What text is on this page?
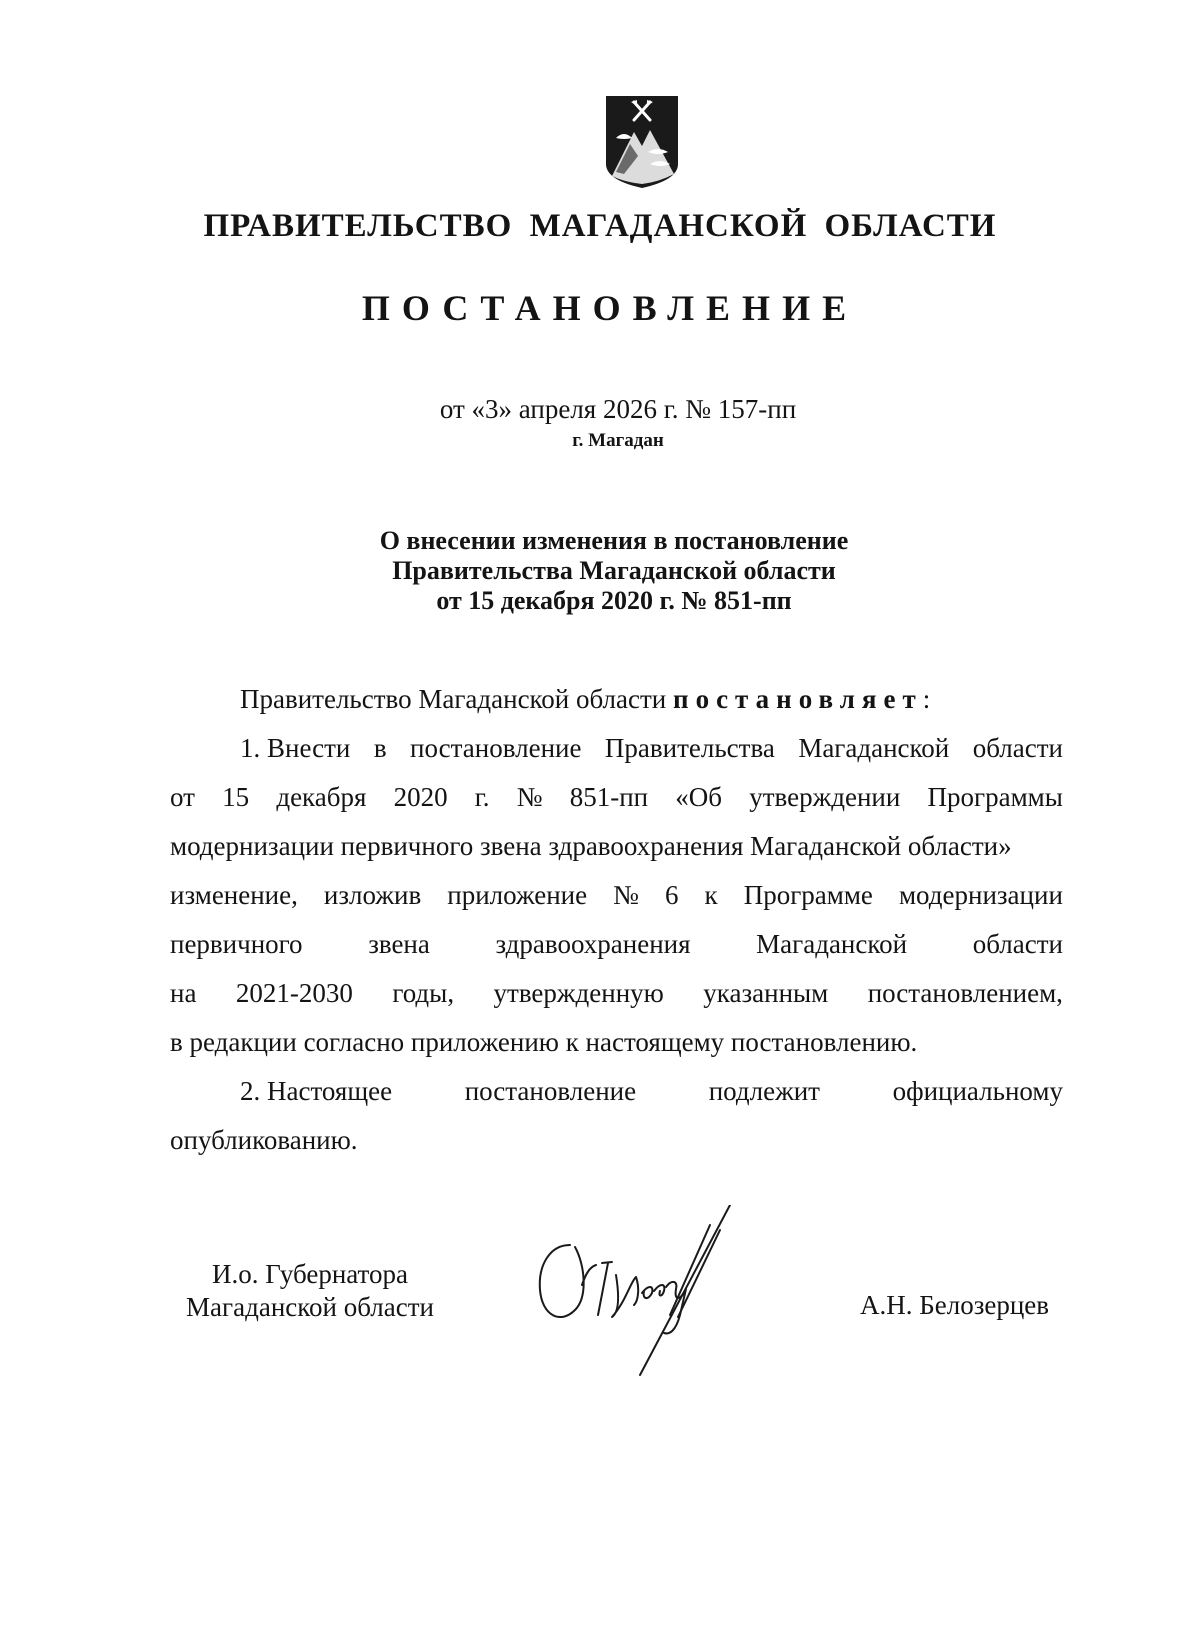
ПРАВИТЕЛЬСТВО МАГАДАНСКОЙ ОБЛАСТИ
ПОСТАНОВЛЕНИЕ
от «3» апреля 2026 г. № 157-пп
г. Магадан
О внесении изменения в постановление
Правительства Магаданской области
от 15 декабря 2020 г. № 851-пп

Правительство Магаданской области постановляет:

1. Внести в постановление Правительства Магаданской области
от 15 декабря 2020 г. № 851-пп «Об утверждении Программы
модернизации первичного звена здравоохранения Магаданской области»
изменение, изложив приложение № 6 к Программе модернизации
первичного звена здравоохранения Магаданской области
на 2021-2030 годы, утвержденную указанным постановлением,
в редакции согласно приложению к настоящему постановлению.
2. Настоящее	постановление	подлежит	официальному
опубликованию.
И.о. Губернатора
Магаданской области	А.Н. Белозерцев
